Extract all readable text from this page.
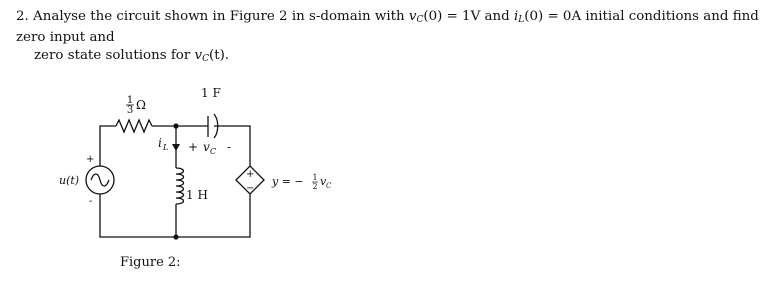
2. Analyse the circuit shown in Figure 2 in s-domain with $v_C(0) = 1V$ and $i_L(0) = 0A$ initial conditions and find zero input and
zero state solutions for $v_C(t)$.
1
3 Ω
1 F
i L + v C -
1 H
u(t)
+
-
+
−
y = − 1
2 v C

Figure 2:
